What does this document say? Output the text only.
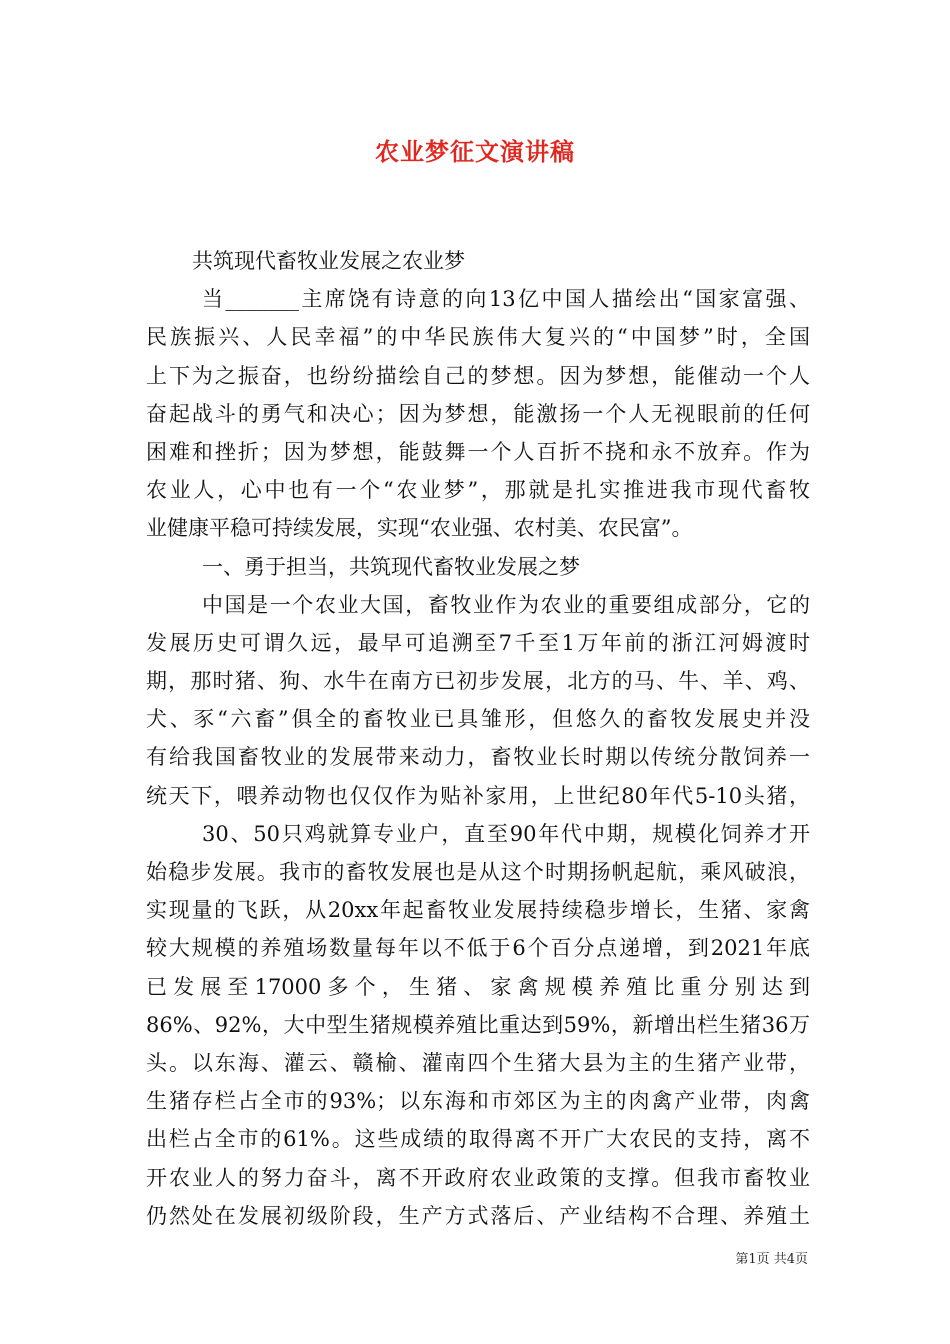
农业梦征文演讲稿
共筑现代畜牧业发展之农业梦
当_______主席饶有诗意的向13亿中国人描绘出“国家富强、
民族振兴、人民幸福”的中华民族伟大复兴的“中国梦”时，全国
上下为之振奋，也纷纷描绘自己的梦想。因为梦想，能催动一个人
奋起战斗的勇气和决心；因为梦想，能激扬一个人无视眼前的任何
困难和挫折；因为梦想，能鼓舞一个人百折不挠和永不放弃。作为
农业人，心中也有一个“农业梦”，那就是扎实推进我市现代畜牧
业健康平稳可持续发展，实现“农业强、农村美、农民富”。
一、勇于担当，共筑现代畜牧业发展之梦
中国是一个农业大国，畜牧业作为农业的重要组成部分，它的
发展历史可谓久远，最早可追溯至7千至1万年前的浙江河姆渡时
期，那时猪、狗、水牛在南方已初步发展，北方的马、牛、羊、鸡、
犬、豕“六畜”俱全的畜牧业已具雏形，但悠久的畜牧发展史并没
有给我国畜牧业的发展带来动力，畜牧业长时期以传统分散饲养一
统天下，喂养动物也仅仅作为贴补家用，上世纪80年代5-10头猪，
30、50只鸡就算专业户，直至90年代中期，规模化饲养才开
始稳步发展。我市的畜牧发展也是从这个时期扬帆起航，乘风破浪，
实现量的飞跃，从20xx年起畜牧业发展持续稳步增长，生猪、家禽
较大规模的养殖场数量每年以不低于6个百分点递增，到2021年底
已发展至17000多个，生猪、家禽规模养殖比重分别达到
86%、92%，大中型生猪规模养殖比重达到59%，新增出栏生猪36万
头。以东海、灌云、赣榆、灌南四个生猪大县为主的生猪产业带，
生猪存栏占全市的93%；以东海和市郊区为主的肉禽产业带，肉禽
出栏占全市的61%。这些成绩的取得离不开广大农民的支持，离不
开农业人的努力奋斗，离不开政府农业政策的支撑。但我市畜牧业
仍然处在发展初级阶段，生产方式落后、产业结构不合理、养殖土
第1页 共4页
